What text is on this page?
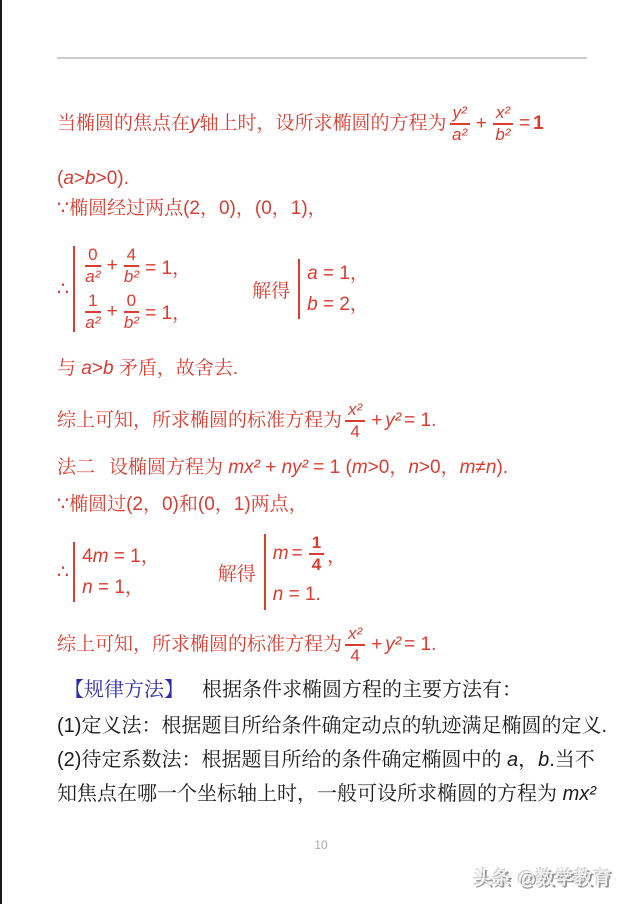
当椭圆的焦点在 y 轴上时，设所求椭圆的方程为 $\frac{\text{y²}}{\text{a²}} + \frac{\text{x²}}{\text{b²}} = 1$
(a>b>0).
∵椭圆经过两点(2，0)，(0，1)，
∴
$\frac{0}{\text{a²}} + \frac{4}{\text{b²}} = 1$，
$\frac{1}{\text{a²}} + \frac{0}{\text{b²}} = 1$，
解得
a = 1，
b = 2，
与 a>b 矛盾，故舍去.
综上可知，所求椭圆的标准方程为 $\frac{\text{x²}}{4} + y^2 = 1$.
法二 设椭圆方程为 mx² + ny² = 1 (m>0，n>0，m≠n).
∵椭圆过(2，0)和(0，1)两点，
∴
4m = 1，
n = 1，
解得
$m = \frac{1}{4}$ ，
n = 1.
综上可知，所求椭圆的标准方程为 $\frac{\text{x²}}{4} + y^2 = 1$.
【规律方法】 根据条件求椭圆方程的主要方法有：
(1)定义法：根据题目所给条件确定动点的轨迹满足椭圆的定义.
(2)待定系数法：根据题目所给的条件确定椭圆中的 a，b.当不
知焦点在哪一个坐标轴上时，一般可设所求椭圆的方程为 mx²
10
头条 @数学教育
